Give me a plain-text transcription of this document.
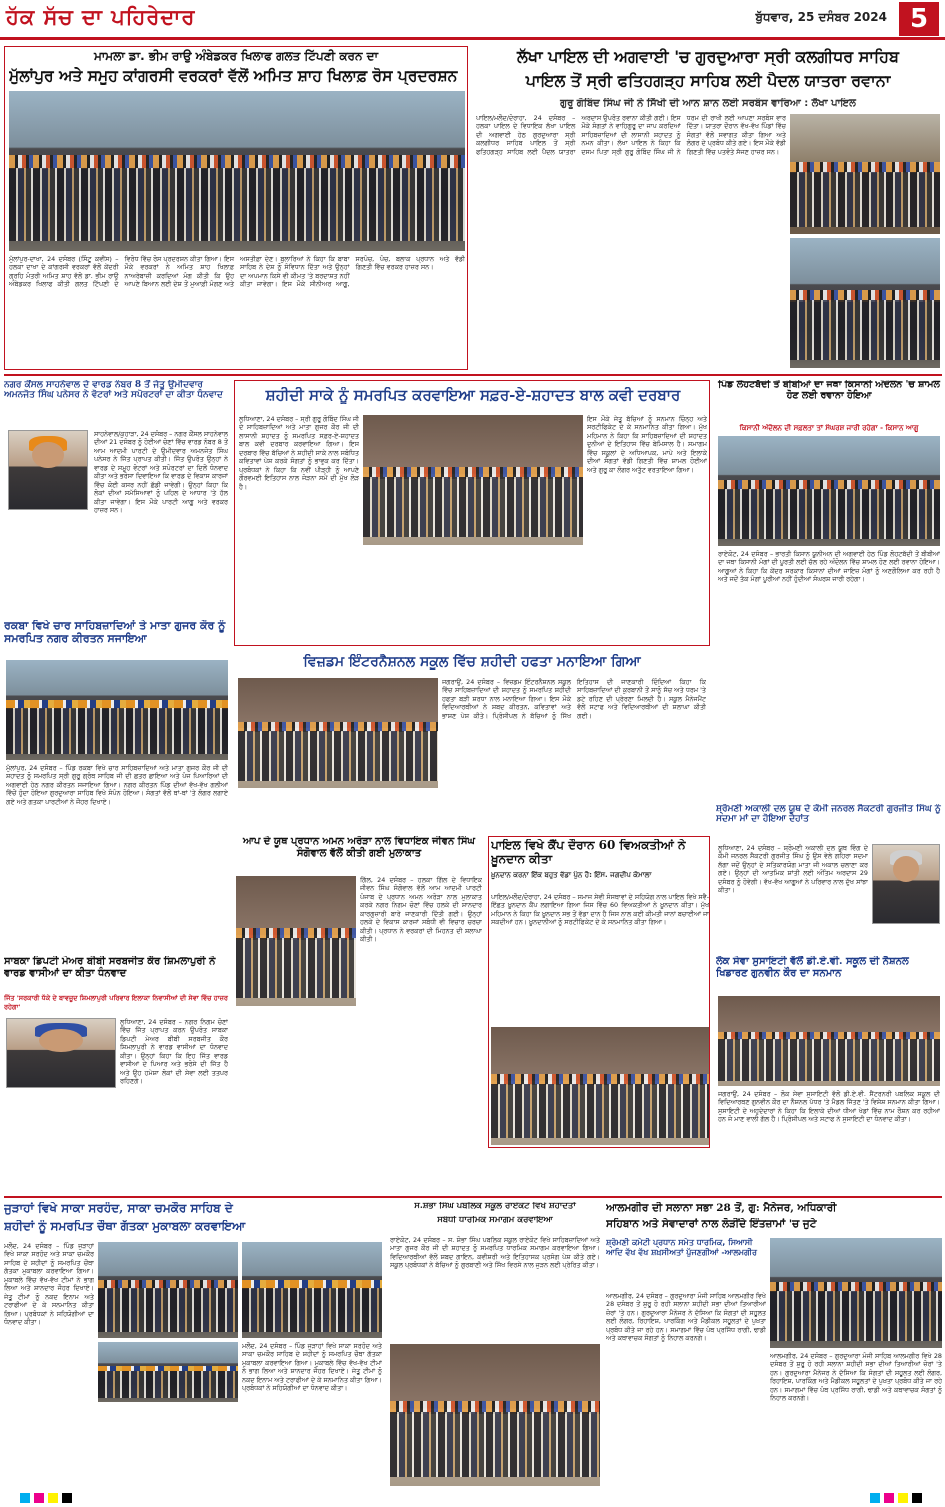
ਹੱਕ ਸੱਚ ਦਾ ਪਹਿਰੇਦਾਰ	ਬੁੱਧਵਾਰ, 25 ਦਸੰਬਰ 2024 5
ਮਾਮਲਾ ਡਾ. ਭੀਮ ਰਾਉ ਅੰਬੇਡਕਰ ਖਿਲਾਫ ਗਲਤ ਟਿੱਪਣੀ ਕਰਨ ਦਾ
ਮੁੱਲਾਂਪੁਰ ਅਤੇ ਸਮੂਹ ਕਾਂਗਰਸੀ ਵਰਕਰਾਂ ਵੱਲੋਂ ਅਮਿਤ ਸ਼ਾਹ ਖਿਲਾਫ਼ ਰੋਸ ਪ੍ਰਦਰਸ਼ਨ
ਮੁੱਲਾਂਪੁਰ-ਦਾਖਾ, 24 ਦਸੰਬਰ (ਸਿੰਟੂ ਕਵੀਂਸ) – ਹਲਕਾ ਦਾਖਾ ਦੇ ਕਾਂਗਰਸੀ ਵਰਕਰਾਂ ਵੱਲੋਂ ਕੇਂਦਰੀ ਗ੍ਰਹਿ ਮੰਤਰੀ ਅਮਿਤ ਸ਼ਾਹ ਵੱਲੋਂ ਡਾ. ਭੀਮ ਰਾਉ ਅੰਬੇਡਕਰ ਖਿਲਾਫ ਕੀਤੀ ਗਲਤ ਟਿੱਪਣੀ ਦੇ ਵਿਰੋਧ ਵਿੱਚ ਰੋਸ ਪ੍ਰਦਰਸ਼ਨ ਕੀਤਾ ਗਿਆ। ਇਸ ਮੌਕੇ ਵਰਕਰਾਂ ਨੇ ਅਮਿਤ ਸ਼ਾਹ ਖਿਲਾਫ਼ ਨਾਅਰੇਬਾਜ਼ੀ ਕਰਦਿਆਂ ਮੰਗ ਕੀਤੀ ਕਿ ਉਹ ਆਪਣੇ ਬਿਆਨ ਲਈ ਦੇਸ਼ ਤੋਂ ਮੁਆਫ਼ੀ ਮੰਗਣ ਅਤੇ ਅਸਤੀਫ਼ਾ ਦੇਣ। ਬੁਲਾਰਿਆਂ ਨੇ ਕਿਹਾ ਕਿ ਬਾਬਾ ਸਾਹਿਬ ਨੇ ਦੇਸ਼ ਨੂੰ ਸੰਵਿਧਾਨ ਦਿੱਤਾ ਅਤੇ ਉਨ੍ਹਾਂ ਦਾ ਅਪਮਾਨ ਕਿਸੇ ਵੀ ਕੀਮਤ 'ਤੇ ਬਰਦਾਸ਼ਤ ਨਹੀਂ ਕੀਤਾ ਜਾਵੇਗਾ। ਇਸ ਮੌਕੇ ਸੀਨੀਅਰ ਆਗੂ, ਸਰਪੰਚ, ਪੰਚ, ਬਲਾਕ ਪ੍ਰਧਾਨ ਅਤੇ ਵੱਡੀ ਗਿਣਤੀ ਵਿੱਚ ਵਰਕਰ ਹਾਜ਼ਰ ਸਨ।
ਲੱਖਾ ਪਾਇਲ ਦੀ ਅਗਵਾਈ 'ਚ ਗੁਰਦੁਆਰਾ ਸ੍ਰੀ ਕਲਗੀਧਰ ਸਾਹਿਬ
ਪਾਇਲ ਤੋਂ ਸ੍ਰੀ ਫਤਿਹਗੜ੍ਹ ਸਾਹਿਬ ਲਈ ਪੈਦਲ ਯਾਤਰਾ ਰਵਾਨਾ
ਗੁਰੂ ਗੋਬਿੰਦ ਸਿੰਘ ਜੀ ਨੇ ਸਿੱਖੀ ਦੀ ਆਨ ਸ਼ਾਨ ਲਈ ਸਰਬੰਸ ਵਾਰਿਆ : ਲੱਖਾ ਪਾਇਲ
ਪਾਇਲ/ਮਲੌਦ/ਦੋਰਾਹਾ, 24 ਦਸੰਬਰ – ਹਲਕਾ ਪਾਇਲ ਦੇ ਵਿਧਾਇਕ ਲੱਖਾ ਪਾਇਲ ਦੀ ਅਗਵਾਈ ਹੇਠ ਗੁਰਦੁਆਰਾ ਸ੍ਰੀ ਕਲਗੀਧਰ ਸਾਹਿਬ ਪਾਇਲ ਤੋਂ ਸ੍ਰੀ ਫਤਿਹਗੜ੍ਹ ਸਾਹਿਬ ਲਈ ਪੈਦਲ ਯਾਤਰਾ ਅਰਦਾਸ ਉਪਰੰਤ ਰਵਾਨਾ ਕੀਤੀ ਗਈ। ਇਸ ਮੌਕੇ ਸੰਗਤਾਂ ਨੇ ਵਾਹਿਗੁਰੂ ਦਾ ਜਾਪ ਕਰਦਿਆਂ ਸਾਹਿਬਜ਼ਾਦਿਆਂ ਦੀ ਲਾਸਾਨੀ ਸ਼ਹਾਦਤ ਨੂੰ ਨਮਨ ਕੀਤਾ। ਲੱਖਾ ਪਾਇਲ ਨੇ ਕਿਹਾ ਕਿ ਦਸਮ ਪਿਤਾ ਸ੍ਰੀ ਗੁਰੂ ਗੋਬਿੰਦ ਸਿੰਘ ਜੀ ਨੇ ਧਰਮ ਦੀ ਰਾਖੀ ਲਈ ਆਪਣਾ ਸਰਬੰਸ ਵਾਰ ਦਿੱਤਾ। ਯਾਤਰਾ ਦੌਰਾਨ ਵੱਖ-ਵੱਖ ਪਿੰਡਾਂ ਵਿੱਚ ਸੰਗਤਾਂ ਵੱਲੋਂ ਸਵਾਗਤ ਕੀਤਾ ਗਿਆ ਅਤੇ ਲੰਗਰ ਦੇ ਪ੍ਰਬੰਧ ਕੀਤੇ ਗਏ। ਇਸ ਮੌਕੇ ਵੱਡੀ ਗਿਣਤੀ ਵਿੱਚ ਪਤਵੰਤੇ ਸੱਜਣ ਹਾਜ਼ਰ ਸਨ।
ਨਗਰ ਕੌਂਸਲ ਸਾਹਨੇਵਾਲ ਦੇ ਵਾਰਡ ਨੰਬਰ 8 ਤੋਂ ਜੇਤੂ ਉਮੀਦਵਾਰ ਅਮਨਜੋਤ ਸਿੰਘ ਪਨੇਸਰ ਨੇ ਵੋਟਰਾਂ ਅਤੇ ਸਪੋਰਟਰਾਂ ਦਾ ਕੀਤਾ ਧੰਨਵਾਦ
ਸਾਹਨੇਵਾਲ/ਕੁਹਾੜਾ, 24 ਦਸੰਬਰ – ਨਗਰ ਕੌਂਸਲ ਸਾਹਨੇਵਾਲ ਦੀਆਂ 21 ਦਸੰਬਰ ਨੂੰ ਹੋਈਆਂ ਚੋਣਾਂ ਵਿੱਚ ਵਾਰਡ ਨੰਬਰ 8 ਤੋਂ ਆਮ ਆਦਮੀ ਪਾਰਟੀ ਦੇ ਉਮੀਦਵਾਰ ਅਮਨਜੋਤ ਸਿੰਘ ਪਨੇਸਰ ਨੇ ਜਿੱਤ ਪ੍ਰਾਪਤ ਕੀਤੀ। ਜਿੱਤ ਉਪਰੰਤ ਉਨ੍ਹਾਂ ਨੇ ਵਾਰਡ ਦੇ ਸਮੂਹ ਵੋਟਰਾਂ ਅਤੇ ਸਪੋਰਟਰਾਂ ਦਾ ਦਿਲੋਂ ਧੰਨਵਾਦ ਕੀਤਾ ਅਤੇ ਭਰੋਸਾ ਦਿਵਾਇਆ ਕਿ ਵਾਰਡ ਦੇ ਵਿਕਾਸ ਕਾਰਜਾਂ ਵਿੱਚ ਕੋਈ ਕਸਰ ਨਹੀਂ ਛੱਡੀ ਜਾਵੇਗੀ। ਉਨ੍ਹਾਂ ਕਿਹਾ ਕਿ ਲੋਕਾਂ ਦੀਆਂ ਸਮੱਸਿਆਵਾਂ ਨੂੰ ਪਹਿਲ ਦੇ ਆਧਾਰ 'ਤੇ ਹੱਲ ਕੀਤਾ ਜਾਵੇਗਾ। ਇਸ ਮੌਕੇ ਪਾਰਟੀ ਆਗੂ ਅਤੇ ਵਰਕਰ ਹਾਜ਼ਰ ਸਨ।
ਸ਼ਹੀਦੀ ਸਾਕੇ ਨੂੰ ਸਮਰਪਿਤ ਕਰਵਾਇਆ ਸਫ਼ਰ-ਏ-ਸ਼ਹਾਦਤ ਬਾਲ ਕਵੀ ਦਰਬਾਰ
ਲੁਧਿਆਣਾ, 24 ਦਸੰਬਰ – ਸ੍ਰੀ ਗੁਰੂ ਗੋਬਿੰਦ ਸਿੰਘ ਜੀ ਦੇ ਸਾਹਿਬਜ਼ਾਦਿਆਂ ਅਤੇ ਮਾਤਾ ਗੁਜਰ ਕੌਰ ਜੀ ਦੀ ਲਾਸਾਨੀ ਸ਼ਹਾਦਤ ਨੂੰ ਸਮਰਪਿਤ ਸਫ਼ਰ-ਏ-ਸ਼ਹਾਦਤ ਬਾਲ ਕਵੀ ਦਰਬਾਰ ਕਰਵਾਇਆ ਗਿਆ। ਇਸ ਦਰਬਾਰ ਵਿੱਚ ਬੱਚਿਆਂ ਨੇ ਸ਼ਹੀਦੀ ਸਾਕੇ ਨਾਲ ਸਬੰਧਿਤ ਕਵਿਤਾਵਾਂ ਪੇਸ਼ ਕਰਕੇ ਸੰਗਤਾਂ ਨੂੰ ਭਾਵੁਕ ਕਰ ਦਿੱਤਾ। ਪ੍ਰਬੰਧਕਾਂ ਨੇ ਕਿਹਾ ਕਿ ਨਵੀਂ ਪੀੜ੍ਹੀ ਨੂੰ ਆਪਣੇ ਗੌਰਵਮਈ ਇਤਿਹਾਸ ਨਾਲ ਜੋੜਨਾ ਸਮੇਂ ਦੀ ਮੁੱਖ ਲੋੜ ਹੈ।
ਇਸ ਮੌਕੇ ਜੇਤੂ ਬੱਚਿਆਂ ਨੂੰ ਸਨਮਾਨ ਚਿੰਨ੍ਹ ਅਤੇ ਸਰਟੀਫਿਕੇਟ ਦੇ ਕੇ ਸਨਮਾਨਿਤ ਕੀਤਾ ਗਿਆ। ਮੁੱਖ ਮਹਿਮਾਨ ਨੇ ਕਿਹਾ ਕਿ ਸਾਹਿਬਜ਼ਾਦਿਆਂ ਦੀ ਸ਼ਹਾਦਤ ਦੁਨੀਆਂ ਦੇ ਇਤਿਹਾਸ ਵਿੱਚ ਬੇਮਿਸਾਲ ਹੈ। ਸਮਾਗਮ ਵਿੱਚ ਸਕੂਲਾਂ ਦੇ ਅਧਿਆਪਕ, ਮਾਪੇ ਅਤੇ ਇਲਾਕੇ ਦੀਆਂ ਸੰਗਤਾਂ ਵੱਡੀ ਗਿਣਤੀ ਵਿੱਚ ਸ਼ਾਮਲ ਹੋਈਆਂ ਅਤੇ ਗੁਰੂ ਕਾ ਲੰਗਰ ਅਤੁੱਟ ਵਰਤਾਇਆ ਗਿਆ।
ਪਿੰਡ ਲੋਹਟਬੱਦੀ ਤੋਂ ਬੀਬੀਆਂ ਦਾ ਜਥਾ ਕਿਸਾਨੀ ਅੰਦੋਲਨ 'ਚ ਸ਼ਾਮਲ ਹੋਣ ਲਈ ਰਵਾਨਾ ਹੋਇਆ
ਕਿਸਾਨੀ ਅੰਦੋਲਨ ਦੀ ਸਫ਼ਲਤਾ ਤਾਂ ਸੰਘਰਸ਼ ਜਾਰੀ ਰਹੇਗਾ - ਕਿਸਾਨ ਆਗੂ
ਰਾਏਕੋਟ, 24 ਦਸੰਬਰ – ਭਾਰਤੀ ਕਿਸਾਨ ਯੂਨੀਅਨ ਦੀ ਅਗਵਾਈ ਹੇਠ ਪਿੰਡ ਲੋਹਟਬੱਦੀ ਤੋਂ ਬੀਬੀਆਂ ਦਾ ਜਥਾ ਕਿਸਾਨੀ ਮੰਗਾਂ ਦੀ ਪੂਰਤੀ ਲਈ ਚੱਲ ਰਹੇ ਅੰਦੋਲਨ ਵਿੱਚ ਸ਼ਾਮਲ ਹੋਣ ਲਈ ਰਵਾਨਾ ਹੋਇਆ। ਆਗੂਆਂ ਨੇ ਕਿਹਾ ਕਿ ਕੇਂਦਰ ਸਰਕਾਰ ਕਿਸਾਨਾਂ ਦੀਆਂ ਜਾਇਜ਼ ਮੰਗਾਂ ਨੂੰ ਅਣਗੌਲਿਆ ਕਰ ਰਹੀ ਹੈ ਅਤੇ ਜਦੋਂ ਤੱਕ ਮੰਗਾਂ ਪੂਰੀਆਂ ਨਹੀਂ ਹੁੰਦੀਆਂ ਸੰਘਰਸ਼ ਜਾਰੀ ਰਹੇਗਾ।
ਰਕਬਾ ਵਿਖੇ ਚਾਰ ਸਾਹਿਬਜ਼ਾਦਿਆਂ ਤੇ ਮਾਤਾ ਗੁਜਰ ਕੌਰ ਨੂੰ ਸਮਰਪਿਤ ਨਗਰ ਕੀਰਤਨ ਸਜਾਇਆ
ਮੁੱਲਾਂਪੁਰ, 24 ਦਸੰਬਰ – ਪਿੰਡ ਰਕਬਾ ਵਿਖੇ ਚਾਰ ਸਾਹਿਬਜ਼ਾਦਿਆਂ ਅਤੇ ਮਾਤਾ ਗੁਜਰ ਕੌਰ ਜੀ ਦੀ ਸ਼ਹਾਦਤ ਨੂੰ ਸਮਰਪਿਤ ਸ੍ਰੀ ਗੁਰੂ ਗ੍ਰੰਥ ਸਾਹਿਬ ਜੀ ਦੀ ਛਤਰ ਛਾਇਆ ਅਤੇ ਪੰਜ ਪਿਆਰਿਆਂ ਦੀ ਅਗਵਾਈ ਹੇਠ ਨਗਰ ਕੀਰਤਨ ਸਜਾਇਆ ਗਿਆ। ਨਗਰ ਕੀਰਤਨ ਪਿੰਡ ਦੀਆਂ ਵੱਖ-ਵੱਖ ਗਲੀਆਂ ਵਿੱਚੋਂ ਹੁੰਦਾ ਹੋਇਆ ਗੁਰਦੁਆਰਾ ਸਾਹਿਬ ਵਿਖੇ ਸੰਪੰਨ ਹੋਇਆ। ਸੰਗਤਾਂ ਵੱਲੋਂ ਥਾਂ-ਥਾਂ 'ਤੇ ਲੰਗਰ ਲਗਾਏ ਗਏ ਅਤੇ ਗਤਕਾ ਪਾਰਟੀਆਂ ਨੇ ਜੌਹਰ ਦਿਖਾਏ।
ਵਿਜ਼ਡਮ ਇੰਟਰਨੈਸ਼ਨਲ ਸਕੂਲ ਵਿੱਚ ਸ਼ਹੀਦੀ ਹਫਤਾ ਮਨਾਇਆ ਗਿਆ
ਜਗਰਾਉਂ, 24 ਦਸੰਬਰ – ਵਿਜ਼ਡਮ ਇੰਟਰਨੈਸ਼ਨਲ ਸਕੂਲ ਵਿੱਚ ਸਾਹਿਬਜ਼ਾਦਿਆਂ ਦੀ ਸ਼ਹਾਦਤ ਨੂੰ ਸਮਰਪਿਤ ਸ਼ਹੀਦੀ ਹਫਤਾ ਬੜੀ ਸ਼ਰਧਾ ਨਾਲ ਮਨਾਇਆ ਗਿਆ। ਇਸ ਮੌਕੇ ਵਿਦਿਆਰਥੀਆਂ ਨੇ ਸ਼ਬਦ ਕੀਰਤਨ, ਕਵਿਤਾਵਾਂ ਅਤੇ ਭਾਸ਼ਣ ਪੇਸ਼ ਕੀਤੇ। ਪ੍ਰਿੰਸੀਪਲ ਨੇ ਬੱਚਿਆਂ ਨੂੰ ਸਿੱਖ ਇਤਿਹਾਸ ਦੀ ਜਾਣਕਾਰੀ ਦਿੰਦਿਆਂ ਕਿਹਾ ਕਿ ਸਾਹਿਬਜ਼ਾਦਿਆਂ ਦੀ ਕੁਰਬਾਨੀ ਤੋਂ ਸਾਨੂੰ ਸੱਚ ਅਤੇ ਧਰਮ 'ਤੇ ਡਟੇ ਰਹਿਣ ਦੀ ਪ੍ਰੇਰਣਾ ਮਿਲਦੀ ਹੈ। ਸਕੂਲ ਮੈਨੇਜਮੈਂਟ ਵੱਲੋਂ ਸਟਾਫ ਅਤੇ ਵਿਦਿਆਰਥੀਆਂ ਦੀ ਸ਼ਲਾਘਾ ਕੀਤੀ ਗਈ।
ਸ਼੍ਰੋਮਣੀ ਅਕਾਲੀ ਦਲ ਯੂਥ ਦੇ ਕੌਮੀ ਜਨਰਲ ਸੈਕਟਰੀ ਗੁਰਜੀਤ ਸਿੰਘ ਨੂੰ ਸਦਮਾ ਮਾਂ ਦਾ ਹੋਇਆ ਦੇਹਾਂਤ
ਲੁਧਿਆਣਾ, 24 ਦਸੰਬਰ – ਸ਼੍ਰੋਮਣੀ ਅਕਾਲੀ ਦਲ ਯੂਥ ਵਿੰਗ ਦੇ ਕੌਮੀ ਜਨਰਲ ਸੈਕਟਰੀ ਗੁਰਜੀਤ ਸਿੰਘ ਨੂੰ ਉਸ ਵੇਲੇ ਗਹਿਰਾ ਸਦਮਾ ਲੱਗਾ ਜਦੋਂ ਉਨ੍ਹਾਂ ਦੇ ਸਤਿਕਾਰਯੋਗ ਮਾਤਾ ਜੀ ਅਕਾਲ ਚਲਾਣਾ ਕਰ ਗਏ। ਉਨ੍ਹਾਂ ਦੀ ਆਤਮਿਕ ਸ਼ਾਂਤੀ ਲਈ ਅੰਤਿਮ ਅਰਦਾਸ 29 ਦਸੰਬਰ ਨੂੰ ਹੋਵੇਗੀ। ਵੱਖ-ਵੱਖ ਆਗੂਆਂ ਨੇ ਪਰਿਵਾਰ ਨਾਲ ਦੁੱਖ ਸਾਂਝਾ ਕੀਤਾ।
ਆਪ ਦੇ ਯੂਥ ਪ੍ਰਧਾਨ ਅਮਨ ਅਰੋੜਾ ਨਾਲ ਵਿਧਾਇਕ ਜੀਵਨ ਸਿੰਘ ਸੰਗੋਵਾਲ ਵੱਲੋਂ ਕੀਤੀ ਗਈ ਮੁਲਾਕਾਤ
ਗਿੱਲ, 24 ਦਸੰਬਰ – ਹਲਕਾ ਗਿੱਲ ਦੇ ਵਿਧਾਇਕ ਜੀਵਨ ਸਿੰਘ ਸੰਗੋਵਾਲ ਵੱਲੋਂ ਆਮ ਆਦਮੀ ਪਾਰਟੀ ਪੰਜਾਬ ਦੇ ਪ੍ਰਧਾਨ ਅਮਨ ਅਰੋੜਾ ਨਾਲ ਮੁਲਾਕਾਤ ਕਰਕੇ ਨਗਰ ਨਿਗਮ ਚੋਣਾਂ ਵਿੱਚ ਹਲਕੇ ਦੀ ਸ਼ਾਨਦਾਰ ਕਾਰਗੁਜ਼ਾਰੀ ਬਾਰੇ ਜਾਣਕਾਰੀ ਦਿੱਤੀ ਗਈ। ਉਨ੍ਹਾਂ ਹਲਕੇ ਦੇ ਵਿਕਾਸ ਕਾਰਜਾਂ ਸਬੰਧੀ ਵੀ ਵਿਚਾਰ ਚਰਚਾ ਕੀਤੀ। ਪ੍ਰਧਾਨ ਨੇ ਵਰਕਰਾਂ ਦੀ ਮਿਹਨਤ ਦੀ ਸ਼ਲਾਘਾ ਕੀਤੀ।
ਪਾਇਲ ਵਿਖੇ ਕੈਂਪ ਦੌਰਾਨ 60 ਵਿਅਕਤੀਆਂ ਨੇ ਖ਼ੂਨਦਾਨ ਕੀਤਾ
ਖ਼ੂਨਦਾਨ ਕਰਨਾ ਇੱਕ ਬਹੁਤ ਵੱਡਾ ਪੁੰਨ ਹੈ: ਇੰਸ. ਜਗਦੀਪ ਕੋਮਾਲਾ
ਪਾਇਲ/ਮਲੌਦ/ਦੋਰਾਹਾ, 24 ਦਸੰਬਰ – ਸਮਾਜ ਸੇਵੀ ਸੰਸਥਾਵਾਂ ਦੇ ਸਹਿਯੋਗ ਨਾਲ ਪਾਇਲ ਵਿਖੇ ਸਵੈ-ਇੱਛਤ ਖ਼ੂਨਦਾਨ ਕੈਂਪ ਲਗਾਇਆ ਗਿਆ ਜਿਸ ਵਿੱਚ 60 ਵਿਅਕਤੀਆਂ ਨੇ ਖ਼ੂਨਦਾਨ ਕੀਤਾ। ਮੁੱਖ ਮਹਿਮਾਨ ਨੇ ਕਿਹਾ ਕਿ ਖ਼ੂਨਦਾਨ ਸਭ ਤੋਂ ਵੱਡਾ ਦਾਨ ਹੈ ਜਿਸ ਨਾਲ ਕਈ ਕੀਮਤੀ ਜਾਨਾਂ ਬਚਾਈਆਂ ਜਾ ਸਕਦੀਆਂ ਹਨ। ਖ਼ੂਨਦਾਨੀਆਂ ਨੂੰ ਸਰਟੀਫਿਕੇਟ ਦੇ ਕੇ ਸਨਮਾਨਿਤ ਕੀਤਾ ਗਿਆ।
ਸਾਬਕਾ ਡਿਪਟੀ ਮੇਅਰ ਬੀਬੀ ਸਰਬਜੀਤ ਕੌਰ ਸ਼ਿਮਲਾਪੁਰੀ ਨੇ ਵਾਰਡ ਵਾਸੀਆਂ ਦਾ ਕੀਤਾ ਧੰਨਵਾਦ
ਜਿੱਤ 'ਸਰਕਾਰੀ ਧੱਕੇ ਦੇ ਬਾਵਜੂਦ ਸ਼ਿਮਲਾਪੁਰੀ ਪਰਿਵਾਰ ਇਲਾਕਾ ਨਿਵਾਸੀਆਂ ਦੀ ਸੇਵਾ ਵਿੱਚ ਹਾਜ਼ਰ ਰਹੇਗਾ'
ਲੁਧਿਆਣਾ, 24 ਦਸੰਬਰ – ਨਗਰ ਨਿਗਮ ਚੋਣਾਂ ਵਿੱਚ ਜਿੱਤ ਪ੍ਰਾਪਤ ਕਰਨ ਉਪਰੰਤ ਸਾਬਕਾ ਡਿਪਟੀ ਮੇਅਰ ਬੀਬੀ ਸਰਬਜੀਤ ਕੌਰ ਸ਼ਿਮਲਾਪੁਰੀ ਨੇ ਵਾਰਡ ਵਾਸੀਆਂ ਦਾ ਧੰਨਵਾਦ ਕੀਤਾ। ਉਨ੍ਹਾਂ ਕਿਹਾ ਕਿ ਇਹ ਜਿੱਤ ਵਾਰਡ ਵਾਸੀਆਂ ਦੇ ਪਿਆਰ ਅਤੇ ਭਰੋਸੇ ਦੀ ਜਿੱਤ ਹੈ ਅਤੇ ਉਹ ਹਮੇਸ਼ਾ ਲੋਕਾਂ ਦੀ ਸੇਵਾ ਲਈ ਤਤਪਰ ਰਹਿਣਗੇ।
ਲੋਕ ਸੇਵਾ ਸੁਸਾਇਟੀ ਵੱਲੋਂ ਡੀ.ਏ.ਵੀ. ਸਕੂਲ ਦੀ ਨੈਸ਼ਨਲ ਖਿਡਾਰਣ ਗੁਨਵੀਨ ਕੌਰ ਦਾ ਸਨਮਾਨ
ਜਗਰਾਉਂ, 24 ਦਸੰਬਰ – ਲੋਕ ਸੇਵਾ ਸੁਸਾਇਟੀ ਵੱਲੋਂ ਡੀ.ਏ.ਵੀ. ਸੈਂਟਰਨਰੀ ਪਬਲਿਕ ਸਕੂਲ ਦੀ ਵਿਦਿਆਰਥਣ ਗੁਨਵੀਨ ਕੌਰ ਦਾ ਨੈਸ਼ਨਲ ਪੱਧਰ 'ਤੇ ਮੈਡਲ ਜਿੱਤਣ 'ਤੇ ਵਿਸ਼ੇਸ਼ ਸਨਮਾਨ ਕੀਤਾ ਗਿਆ। ਸੁਸਾਇਟੀ ਦੇ ਅਹੁਦੇਦਾਰਾਂ ਨੇ ਕਿਹਾ ਕਿ ਇਲਾਕੇ ਦੀਆਂ ਧੀਆਂ ਖੇਡਾਂ ਵਿੱਚ ਨਾਮ ਰੌਸ਼ਨ ਕਰ ਰਹੀਆਂ ਹਨ ਜੋ ਮਾਣ ਵਾਲੀ ਗੱਲ ਹੈ। ਪ੍ਰਿੰਸੀਪਲ ਅਤੇ ਸਟਾਫ ਨੇ ਸੁਸਾਇਟੀ ਦਾ ਧੰਨਵਾਦ ਕੀਤਾ।
ਜੁੜਾਹਾਂ ਵਿਖੇ ਸਾਕਾ ਸਰਹੰਦ, ਸਾਕਾ ਚਮਕੌਰ ਸਾਹਿਬ ਦੇ
ਸ਼ਹੀਦਾਂ ਨੂੰ ਸਮਰਪਿਤ ਚੌਥਾ ਗੱਤਕਾ ਮੁਕਾਬਲਾ ਕਰਵਾਇਆ
ਮਲੌਦ, 24 ਦਸੰਬਰ – ਪਿੰਡ ਜੁੜਾਹਾਂ ਵਿਖੇ ਸਾਕਾ ਸਰਹੰਦ ਅਤੇ ਸਾਕਾ ਚਮਕੌਰ ਸਾਹਿਬ ਦੇ ਸ਼ਹੀਦਾਂ ਨੂੰ ਸਮਰਪਿਤ ਚੌਥਾ ਗੱਤਕਾ ਮੁਕਾਬਲਾ ਕਰਵਾਇਆ ਗਿਆ। ਮੁਕਾਬਲੇ ਵਿੱਚ ਵੱਖ-ਵੱਖ ਟੀਮਾਂ ਨੇ ਭਾਗ ਲਿਆ ਅਤੇ ਸ਼ਾਨਦਾਰ ਜੌਹਰ ਦਿਖਾਏ। ਜੇਤੂ ਟੀਮਾਂ ਨੂੰ ਨਕਦ ਇਨਾਮ ਅਤੇ ਟਰਾਫੀਆਂ ਦੇ ਕੇ ਸਨਮਾਨਿਤ ਕੀਤਾ ਗਿਆ। ਪ੍ਰਬੰਧਕਾਂ ਨੇ ਸਹਿਯੋਗੀਆਂ ਦਾ ਧੰਨਵਾਦ ਕੀਤਾ।
ਮਲੌਦ, 24 ਦਸੰਬਰ – ਪਿੰਡ ਜੁੜਾਹਾਂ ਵਿਖੇ ਸਾਕਾ ਸਰਹੰਦ ਅਤੇ ਸਾਕਾ ਚਮਕੌਰ ਸਾਹਿਬ ਦੇ ਸ਼ਹੀਦਾਂ ਨੂੰ ਸਮਰਪਿਤ ਚੌਥਾ ਗੱਤਕਾ ਮੁਕਾਬਲਾ ਕਰਵਾਇਆ ਗਿਆ। ਮੁਕਾਬਲੇ ਵਿੱਚ ਵੱਖ-ਵੱਖ ਟੀਮਾਂ ਨੇ ਭਾਗ ਲਿਆ ਅਤੇ ਸ਼ਾਨਦਾਰ ਜੌਹਰ ਦਿਖਾਏ। ਜੇਤੂ ਟੀਮਾਂ ਨੂੰ ਨਕਦ ਇਨਾਮ ਅਤੇ ਟਰਾਫੀਆਂ ਦੇ ਕੇ ਸਨਮਾਨਿਤ ਕੀਤਾ ਗਿਆ। ਪ੍ਰਬੰਧਕਾਂ ਨੇ ਸਹਿਯੋਗੀਆਂ ਦਾ ਧੰਨਵਾਦ ਕੀਤਾ।
ਸ.ਸ਼ੋਭਾ ਸਿੰਘ ਪਬਲਿਕ ਸਕੂਲ ਰਾਏਕੋਟ ਵਿਖੇ ਸ਼ਹਾਦਤਾਂ
ਸਬੰਧੀ ਧਾਰਮਿਕ ਸਮਾਗਮ ਕਰਵਾਇਆ
ਰਾਏਕੋਟ, 24 ਦਸੰਬਰ – ਸ. ਸ਼ੋਭਾ ਸਿੰਘ ਪਬਲਿਕ ਸਕੂਲ ਰਾਏਕੋਟ ਵਿਖੇ ਸਾਹਿਬਜ਼ਾਦਿਆਂ ਅਤੇ ਮਾਤਾ ਗੁਜਰ ਕੌਰ ਜੀ ਦੀ ਸ਼ਹਾਦਤ ਨੂੰ ਸਮਰਪਿਤ ਧਾਰਮਿਕ ਸਮਾਗਮ ਕਰਵਾਇਆ ਗਿਆ। ਵਿਦਿਆਰਥੀਆਂ ਵੱਲੋਂ ਸ਼ਬਦ ਗਾਇਨ, ਕਵੀਸ਼ਰੀ ਅਤੇ ਇਤਿਹਾਸਕ ਪ੍ਰਸੰਗ ਪੇਸ਼ ਕੀਤੇ ਗਏ। ਸਕੂਲ ਪ੍ਰਬੰਧਕਾਂ ਨੇ ਬੱਚਿਆਂ ਨੂੰ ਗੁਰਬਾਣੀ ਅਤੇ ਸਿੱਖ ਵਿਰਸੇ ਨਾਲ ਜੁੜਨ ਲਈ ਪ੍ਰੇਰਿਤ ਕੀਤਾ।
ਆਲਮਗੀਰ ਦੀ ਸਲਾਨਾ ਸਭਾ 28 ਤੋਂ, ਗੁ: ਮੈਨੇਜਰ, ਅਧਿਕਾਰੀ
ਸਹਿਬਾਨ ਅਤੇ ਸੇਵਾਦਾਰਾਂ ਨਾਲ ਲੋੜੀਂਦੇ ਇੰਤਜ਼ਾਮਾਂ 'ਚ ਜੁਟੇ
ਸ਼੍ਰੋਮਣੀ ਕਮੇਟੀ ਪ੍ਰਧਾਨ ਸਮੇਤ ਧਾਰਮਿਕ, ਸਿਆਸੀ ਆਦਿ ਵੱਖ ਵੱਖ ਸ਼ਖ਼ਸੀਅਤਾਂ ਪੁੱਜਣਗੀਆਂ -ਆਲਮਗੀਰ
ਆਲਮਗੀਰ, 24 ਦਸੰਬਰ – ਗੁਰਦੁਆਰਾ ਮੰਜੀ ਸਾਹਿਬ ਆਲਮਗੀਰ ਵਿਖੇ 28 ਦਸੰਬਰ ਤੋਂ ਸ਼ੁਰੂ ਹੋ ਰਹੀ ਸਲਾਨਾ ਸ਼ਹੀਦੀ ਸਭਾ ਦੀਆਂ ਤਿਆਰੀਆਂ ਜ਼ੋਰਾਂ 'ਤੇ ਹਨ। ਗੁਰਦੁਆਰਾ ਮੈਨੇਜਰ ਨੇ ਦੱਸਿਆ ਕਿ ਸੰਗਤਾਂ ਦੀ ਸਹੂਲਤ ਲਈ ਲੰਗਰ, ਰਿਹਾਇਸ਼, ਪਾਰਕਿੰਗ ਅਤੇ ਮੈਡੀਕਲ ਸਹੂਲਤਾਂ ਦੇ ਪੁਖ਼ਤਾ ਪ੍ਰਬੰਧ ਕੀਤੇ ਜਾ ਰਹੇ ਹਨ। ਸਮਾਗਮਾਂ ਵਿੱਚ ਪੰਥ ਪ੍ਰਸਿੱਧ ਰਾਗੀ, ਢਾਡੀ ਅਤੇ ਕਥਾਵਾਚਕ ਸੰਗਤਾਂ ਨੂੰ ਨਿਹਾਲ ਕਰਨਗੇ।
ਆਲਮਗੀਰ, 24 ਦਸੰਬਰ – ਗੁਰਦੁਆਰਾ ਮੰਜੀ ਸਾਹਿਬ ਆਲਮਗੀਰ ਵਿਖੇ 28 ਦਸੰਬਰ ਤੋਂ ਸ਼ੁਰੂ ਹੋ ਰਹੀ ਸਲਾਨਾ ਸ਼ਹੀਦੀ ਸਭਾ ਦੀਆਂ ਤਿਆਰੀਆਂ ਜ਼ੋਰਾਂ 'ਤੇ ਹਨ। ਗੁਰਦੁਆਰਾ ਮੈਨੇਜਰ ਨੇ ਦੱਸਿਆ ਕਿ ਸੰਗਤਾਂ ਦੀ ਸਹੂਲਤ ਲਈ ਲੰਗਰ, ਰਿਹਾਇਸ਼, ਪਾਰਕਿੰਗ ਅਤੇ ਮੈਡੀਕਲ ਸਹੂਲਤਾਂ ਦੇ ਪੁਖ਼ਤਾ ਪ੍ਰਬੰਧ ਕੀਤੇ ਜਾ ਰਹੇ ਹਨ। ਸਮਾਗਮਾਂ ਵਿੱਚ ਪੰਥ ਪ੍ਰਸਿੱਧ ਰਾਗੀ, ਢਾਡੀ ਅਤੇ ਕਥਾਵਾਚਕ ਸੰਗਤਾਂ ਨੂੰ ਨਿਹਾਲ ਕਰਨਗੇ।
